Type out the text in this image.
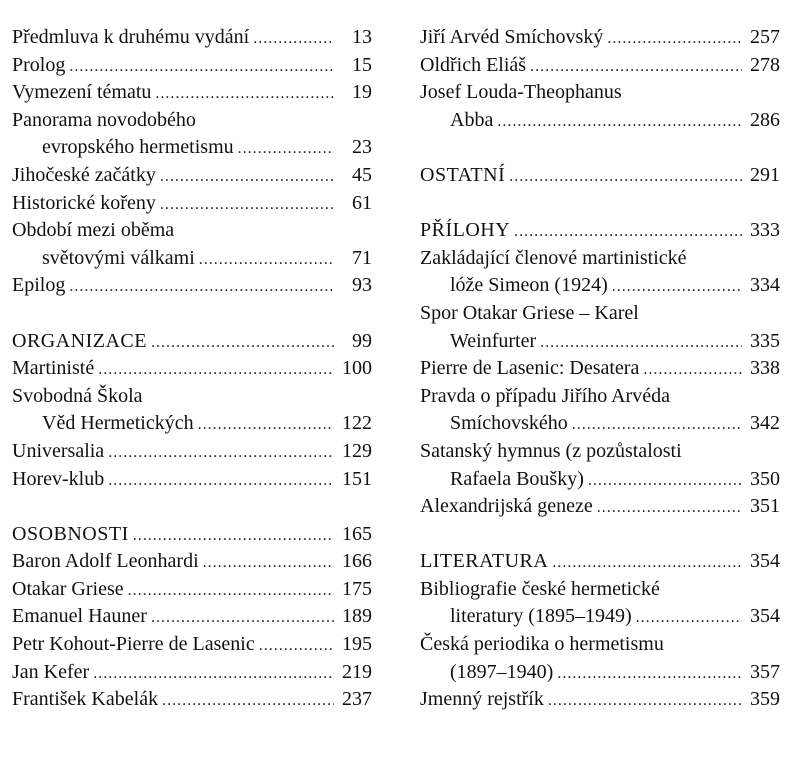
Předmluva k druhému vydání .....	13
Prolog .....	15
Vymezení tématu .....	19
Panorama novodobého
evropského hermetismu .....	23
Jihočeské začátky .....	45
Historické kořeny .....	61
Období mezi oběma
světovými válkami .....	71
Epilog .....	93
ORGANIZACE .....	99
Martinisté .....	100
Svobodná Škola
Věd Hermetických .....	122
Universalia .....	129
Horev-klub .....	151
OSOBNOSTI .....	165
Baron Adolf Leonhardi .....	166
Otakar Griese .....	175
Emanuel Hauner .....	189
Petr Kohout-Pierre de Lasenic .....	195
Jan Kefer .....	219
František Kabelák .....	237
Jiří Arvéd Smíchovský .....	257
Oldřich Eliáš .....	278
Josef Louda-Theophanus
Abba .....	286
OSTATNÍ .....	291
PŘÍLOHY .....	333
Zakládající členové martinistické
lóže Simeon (1924) .....	334
Spor Otakar Griese – Karel
Weinfurter .....	335
Pierre de Lasenic: Desatera .....	338
Pravda o případu Jiřího Arvéda
Smíchovského .....	342
Satanský hymnus (z pozůstalosti
Rafaela Boušky) .....	350
Alexandrijská geneze .....	351
LITERATURA .....	354
Bibliografie české hermetické
literatury (1895–1949) .....	354
Česká periodika o hermetismu
(1897–1940) .....	357
Jmenný rejstřík .....	359
